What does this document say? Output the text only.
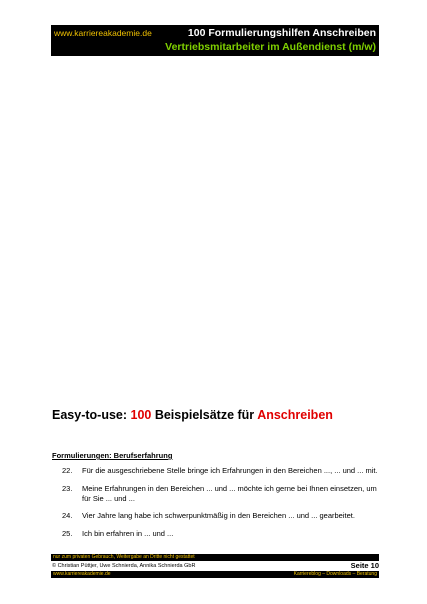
www.karriereakademie.de	100 Formulierungshilfen Anschreiben
Vertriebsmitarbeiter im Außendienst (m/w)
Easy-to-use: 100 Beispielsätze für Anschreiben
Formulierungen: Berufserfahrung
22. Für die ausgeschriebene Stelle bringe ich Erfahrungen in den Bereichen ..., ... und ... mit.
23. Meine Erfahrungen in den Bereichen ... und ... möchte ich gerne bei Ihnen einsetzen, um für Sie ... und ...
24. Vier Jahre lang habe ich schwerpunktmäßig in den Bereichen ... und ... gearbeitet.
25. Ich bin erfahren in ... und ...
nur zum privaten Gebrauch, Weitergabe an Dritte nicht gestattet
© Christian Püttjer, Uwe Schnierda, Annika Schnierda GbR	Seite 10
www.karriereakademie.de	Karriereblog – Downloads – Beratung
